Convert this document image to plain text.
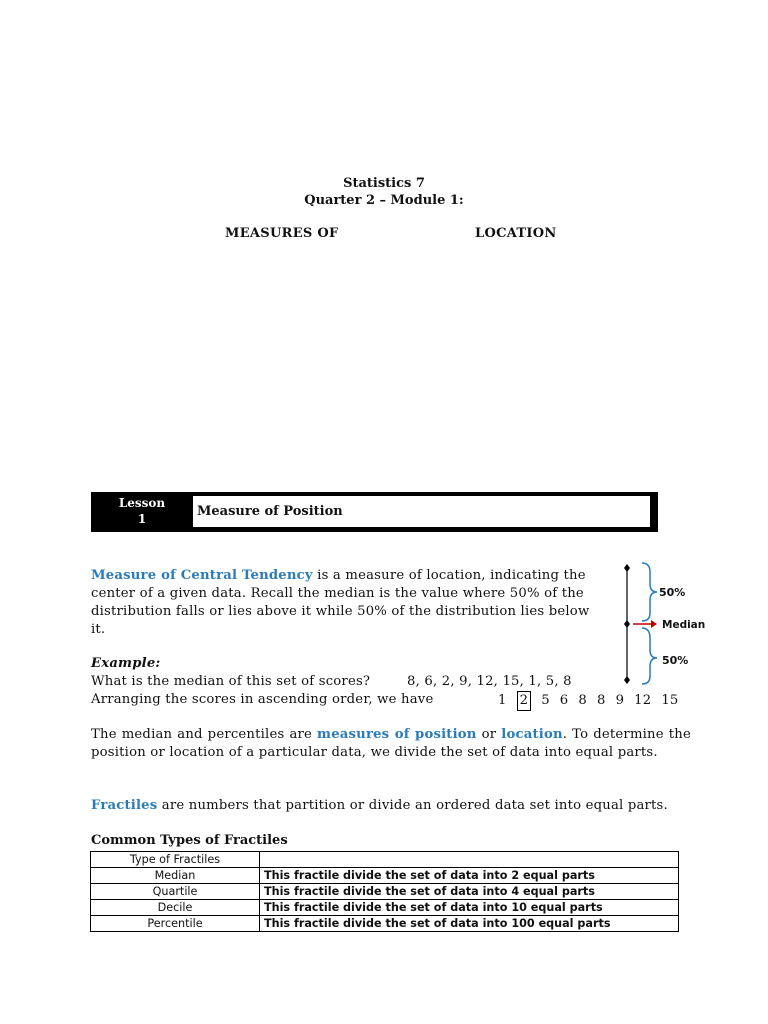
Statistics 7
Quarter 2 – Module 1:
MEASURES OF	LOCATION
Lesson
1	Measure of Position
Measure of Central Tendency is a measure of location, indicating the center of a given data. Recall the median is the value where 50% of the distribution falls or lies above it while 50% of the distribution lies below it.
Example:
What is the median of this set of scores?	8, 6, 2, 9, 12, 15, 1, 5, 8
Arranging the scores in ascending order, we have	1 2 5 6 8 8 9 12 15
50%
Median
50%
The median and percentiles are measures of position or location. To determine the position or location of a particular data, we divide the set of data into equal parts.
Fractiles are numbers that partition or divide an ordered data set into equal parts.
Common Types of Fractiles
Type of Fractiles	
Median	This fractile divide the set of data into 2 equal parts
Quartile	This fractile divide the set of data into 4 equal parts
Decile	This fractile divide the set of data into 10 equal parts
Percentile	This fractile divide the set of data into 100 equal parts
